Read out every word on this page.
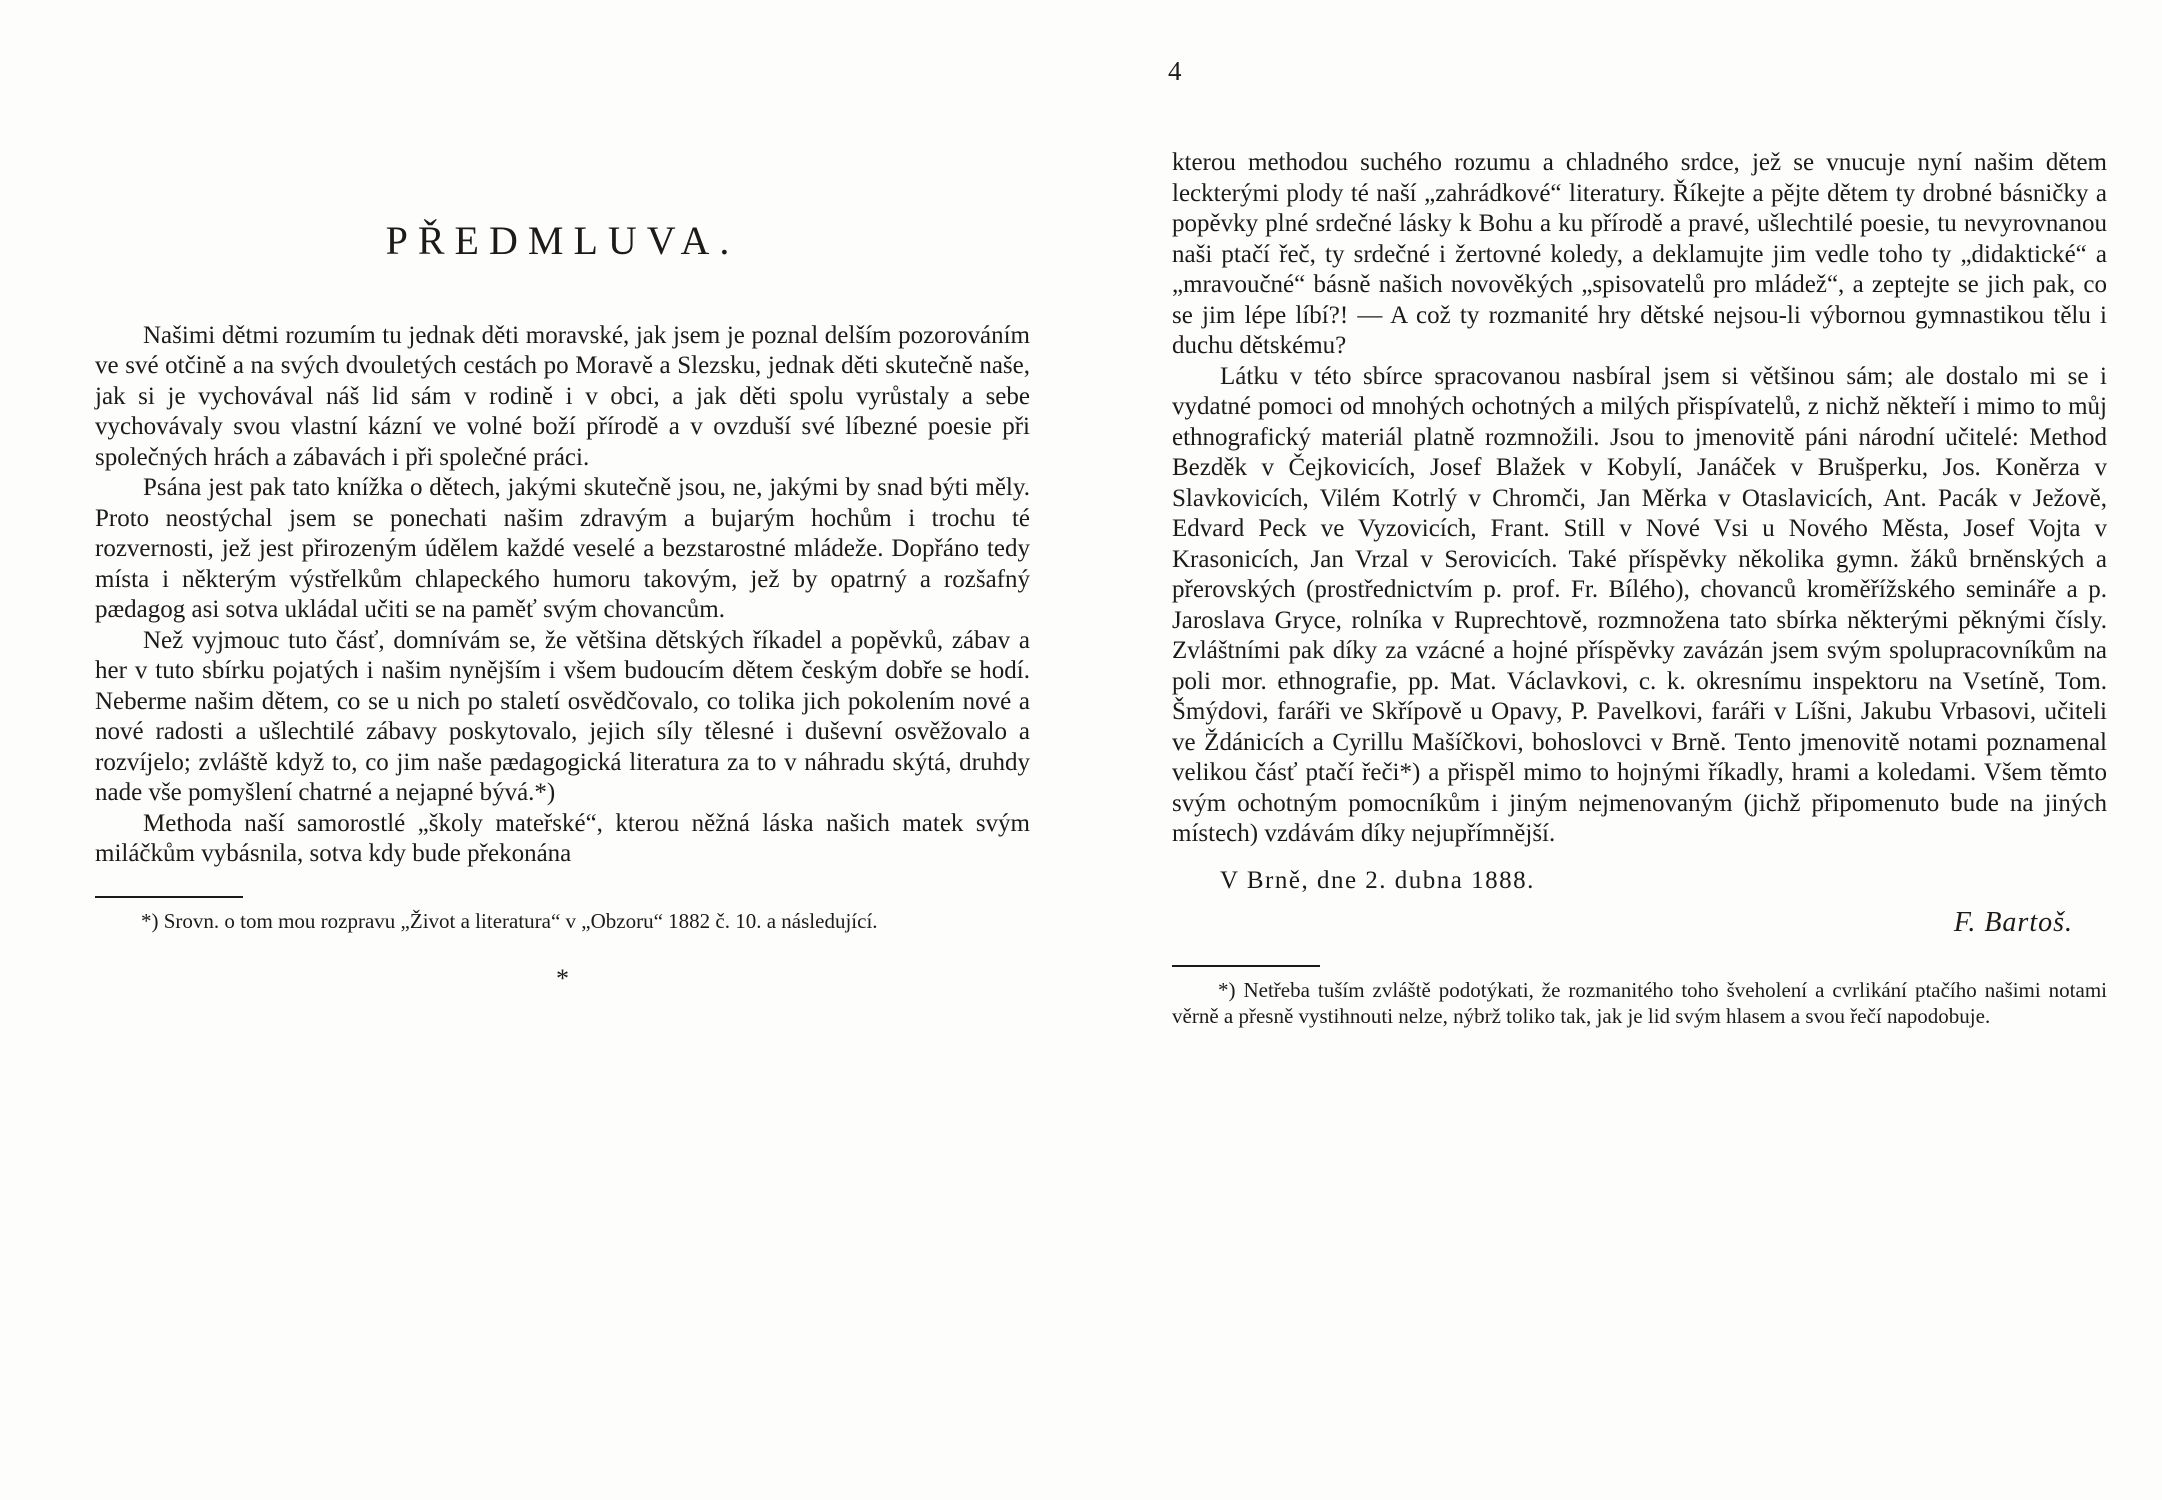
4
PŘEDMLUVA.

Našimi dětmi rozumím tu jednak děti moravské, jak jsem je poznal delším pozorováním ve své otčině a na svých dvouletých cestách po Moravě a Slezsku, jednak děti skutečně naše, jak si je vychovával náš lid sám v rodině i v obci, a jak děti spolu vyrůstaly a sebe vychovávaly svou vlastní kázní ve volné boží přírodě a v ovzduší své líbezné poesie při společných hrách a zábavách i při společné práci.

Psána jest pak tato knížka o dětech, jakými skutečně jsou, ne, jakými by snad býti měly. Proto neostýchal jsem se ponechati našim zdravým a bujarým hochům i trochu té rozvernosti, jež jest přirozeným údělem každé veselé a bezstarostné mládeže. Dopřáno tedy místa i některým výstřelkům chlapeckého humoru takovým, jež by opatrný a rozšafný pædagog asi sotva ukládal učiti se na paměť svým chovancům.

Než vyjmouc tuto čásť, domnívám se, že většina dětských říkadel a popěvků, zábav a her v tuto sbírku pojatých i našim nynějším i všem budoucím dětem českým dobře se hodí. Neberme našim dětem, co se u nich po staletí osvědčovalo, co tolika jich pokolením nové a nové radosti a ušlechtilé zábavy poskytovalo, jejich síly tělesné i duševní osvěžovalo a rozvíjelo; zvláště když to, co jim naše pædagogická literatura za to v náhradu skýtá, druhdy nade vše pomyšlení chatrné a nejapné bývá.*)

Methoda naší samorostlé „školy mateřské“, kterou něžná láska našich matek svým miláčkům vybásnila, sotva kdy bude překonána

*) Srovn. o tom mou rozpravu „Život a literatura“ v „Obzoru“ 1882 č. 10. a následující.

*

kterou methodou suchého rozumu a chladného srdce, jež se vnucuje nyní našim dětem leckterými plody té naší „zahrádkové“ literatury. Říkejte a pějte dětem ty drobné básničky a popěvky plné srdečné lásky k Bohu a ku přírodě a pravé, ušlechtilé poesie, tu nevyrovnanou naši ptačí řeč, ty srdečné i žertovné koledy, a deklamujte jim vedle toho ty „didaktické“ a „mravoučné“ básně našich novověkých „spisovatelů pro mládež“, a zeptejte se jich pak, co se jim lépe líbí?! — A což ty rozmanité hry dětské nejsou-li výbornou gymnastikou tělu i duchu dětskému?

Látku v této sbírce spracovanou nasbíral jsem si většinou sám; ale dostalo mi se i vydatné pomoci od mnohých ochotných a milých přispívatelů, z nichž někteří i mimo to můj ethnografický materiál platně rozmnožili. Jsou to jmenovitě páni národní učitelé: Method Bezděk v Čejkovicích, Josef Blažek v Kobylí, Janáček v Brušperku, Jos. Koněrza v Slavkovicích, Vilém Kotrlý v Chromči, Jan Měrka v Otaslavicích, Ant. Pacák v Ježově, Edvard Peck ve Vyzovicích, Frant. Still v Nové Vsi u Nového Města, Josef Vojta v Krasonicích, Jan Vrzal v Serovicích. Také příspěvky několika gymn. žáků brněnských a přerovských (prostřednictvím p. prof. Fr. Bílého), chovanců kroměřížského semináře a p. Jaroslava Gryce, rolníka v Ruprechtově, rozmnožena tato sbírka některými pěknými čísly. Zvláštními pak díky za vzácné a hojné příspěvky zavázán jsem svým spolupracovníkům na poli mor. ethnografie, pp. Mat. Václavkovi, c. k. okresnímu inspektoru na Vsetíně, Tom. Šmýdovi, faráři ve Skřípově u Opavy, P. Pavelkovi, faráři v Líšni, Jakubu Vrbasovi, učiteli ve Ždánicích a Cyrillu Mašíčkovi, bohoslovci v Brně. Tento jmenovitě notami poznamenal velikou čásť ptačí řeči*) a přispěl mimo to hojnými říkadly, hrami a koledami. Všem těmto svým ochotným pomocníkům i jiným nejmenovaným (jichž připomenuto bude na jiných místech) vzdávám díky nejupřímnější.

V Brně, dne 2. dubna 1888.

F. Bartoš.

*) Netřeba tuším zvláště podotýkati, že rozmanitého toho šveholení a cvrlikání ptačího našimi notami věrně a přesně vystihnouti nelze, nýbrž toliko tak, jak je lid svým hlasem a svou řečí napodobuje.
